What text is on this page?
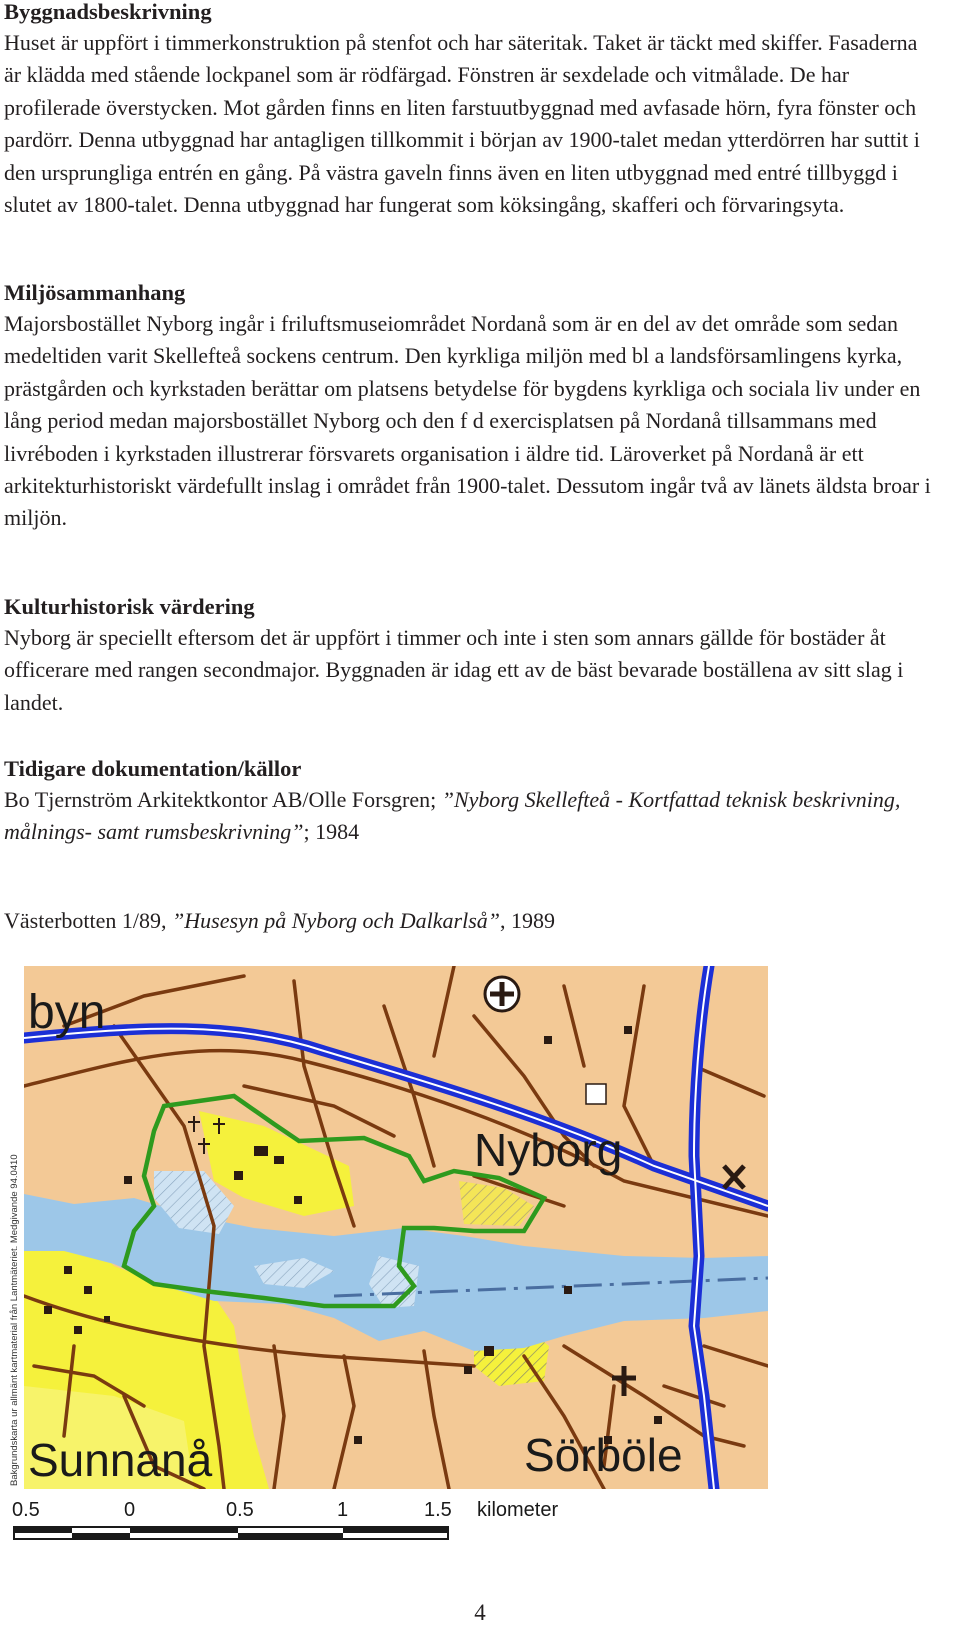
Byggnadsbeskrivning

Huset är uppfört i timmerkonstruktion på stenfot och har säteritak. Taket är täckt med skiffer. Fasaderna är klädda med stående lockpanel som är rödfärgad. Fönstren är sexdelade och vitmålade. De har profilerade överstycken. Mot gården finns en liten farstuutbyggnad med avfasade hörn, fyra fönster och pardörr. Denna utbyggnad har antagligen tillkommit i början av 1900-talet medan ytterdörren har suttit i den ursprungliga entrén en gång. På västra gaveln finns även en liten utbyggnad med entré tillbyggd i slutet av 1800-talet. Denna utbyggnad har fungerat som köksingång, skafferi och förvaringsyta.

Miljösammanhang

Majorsbostället Nyborg ingår i friluftsmuseiområdet Nordanå som är en del av det område som sedan medeltiden varit Skellefteå sockens centrum. Den kyrkliga miljön med bl a landsförsamlingens kyrka, prästgården och kyrkstaden berättar om platsens betydelse för bygdens kyrkliga och sociala liv under en lång period medan majorsbostället Nyborg och den f d exercisplatsen på Nordanå tillsammans med livréboden i kyrkstaden illustrerar försvarets organisation i äldre tid. Läroverket på Nordanå är ett arkitekturhistoriskt värdefullt inslag i området från 1900-talet. Dessutom ingår två av länets äldsta broar i miljön.

Kulturhistorisk värdering

Nyborg är speciellt eftersom det är uppfört i timmer och inte i sten som annars gällde för bostäder åt officerare med rangen secondmajor. Byggnaden är idag ett av de bäst bevarade boställena av sitt slag i landet.

Tidigare dokumentation/källor

Bo Tjernström Arkitektkontor AB/Olle Forsgren; ”Nyborg Skellefteå - Kortfattad teknisk beskrivning, målnings- samt rumsbeskrivning”; 1984

Västerbotten 1/89, ”Husesyn på Nyborg och Dalkarlså”, 1989

byn
Nyborg
Sunnanå	Sörböle
Bakgrundskarta ur allmänt kartmaterial från Lantmäteriet. Medgivande 94.0410
0.5	0	0.5	1	1.5 kilometer
4
